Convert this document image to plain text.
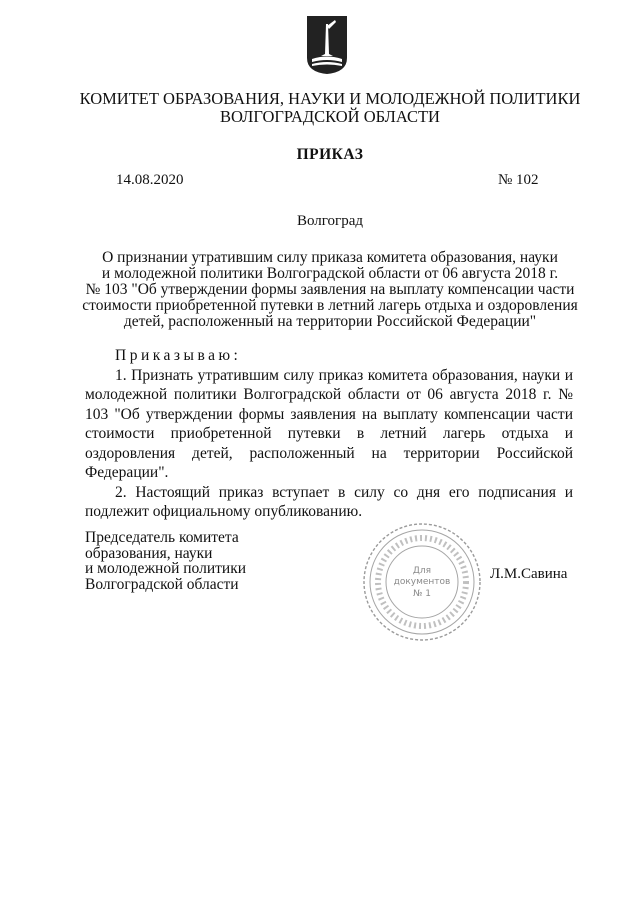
КОМИТЕТ ОБРАЗОВАНИЯ, НАУКИ И МОЛОДЕЖНОЙ ПОЛИТИКИ
ВОЛГОГРАДСКОЙ ОБЛАСТИ
ПРИКАЗ
14.08.2020	№ 102
Волгоград
О признании утратившим силу приказа комитета образования, науки
и молодежной политики Волгоградской области от 06 августа 2018 г.
№ 103 "Об утверждении формы заявления на выплату компенсации части
стоимости приобретенной путевки в летний лагерь отдыха и оздоровления
детей, расположенный на территории Российской Федерации"

Приказываю:

1. Признать утратившим силу приказ комитета образования, науки и молодежной политики Волгоградской области от 06 августа 2018 г. № 103 "Об утверждении формы заявления на выплату компенсации части стоимости приобретенной путевки в летний лагерь отдыха и оздоровления детей, расположенный на территории Российской Федерации".

2. Настоящий приказ вступает в силу со дня его подписания и подлежит официальному опубликованию.

Председатель комитета
образования, науки
и молодежной политики
Волгоградской области
Для
документов
№ 1
Л.М.Савина
